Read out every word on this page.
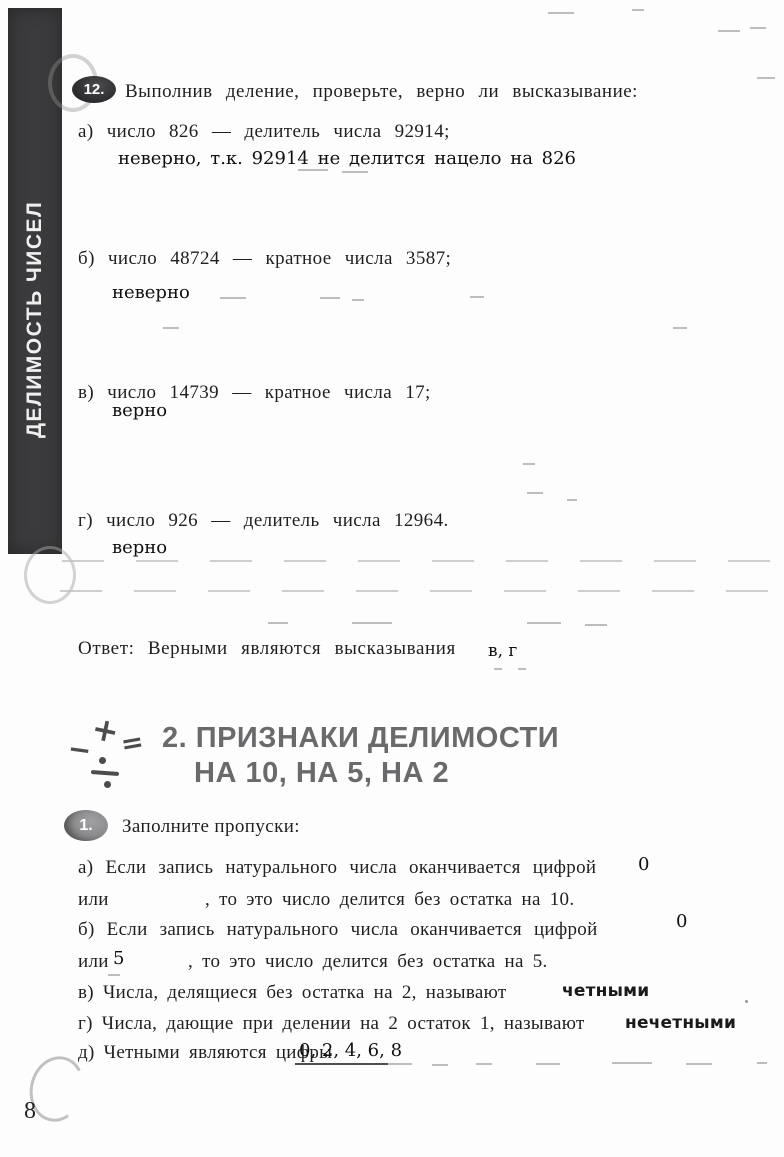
ДЕЛИМОСТЬ ЧИСЕЛ
12.	Выполнив деление, проверьте, верно ли высказывание:
а) число 826 — делитель числа 92914;
неверно, т.к. 92914 не делится нацело на 826
б) число 48724 — кратное числа 3587;
неверно
в) число 14739 — кратное числа 17;
верно
г) число 926 — делитель числа 12964.
верно
Ответ: Верными являются высказывания в, г
+
− = 2. ПРИЗНАКИ ДЕЛИМОСТИ
НА 10, НА 5, НА 2
1.	Заполните пропуски:
а) Если запись натурального числа оканчивается цифрой 0
или	, то это число делится без остатка на 10.
б) Если запись натурального числа оканчивается цифрой	0
или 5	, то это число делится без остатка на 5.
в) Числа, делящиеся без остатка на 2, называют	четными
г) Числа, дающие при делении на 2 остаток 1, называют нечетными
д) Четными являются цифры
0, 2, 4, 6, 8
8
